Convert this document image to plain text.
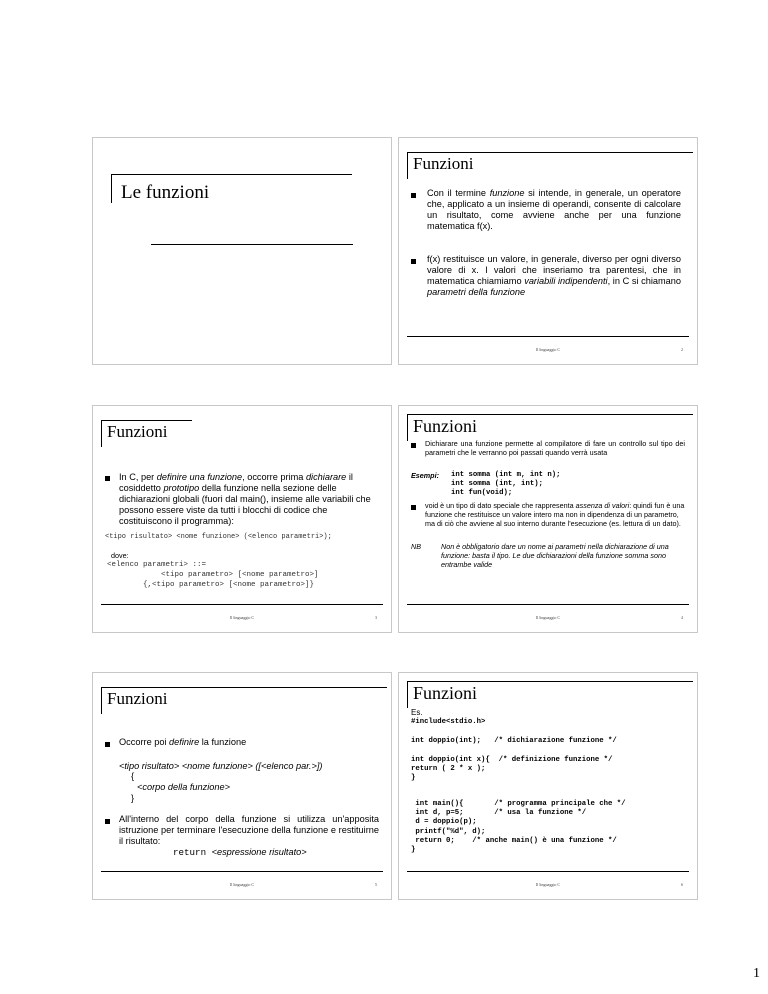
Le funzioni
Funzioni
Con il termine funzione si intende, in generale, un operatore che, applicato a un insieme di operandi, consente di calcolare un risultato, come avviene anche per una funzione matematica f(x).
f(x) restituisce un valore, in generale, diverso per ogni diverso valore di x. I valori che inseriamo tra parentesi, che in matematica chiamiamo variabili indipendenti, in C si chiamano parametri della funzione
Il linguaggio C	2
Funzioni
In C, per definire una funzione, occorre prima dichiarare il cosiddetto prototipo della funzione nella sezione delle dichiarazioni globali (fuori dal main(), insieme alle variabili che possono essere viste da tutti i blocchi di codice che costituiscono il programma):
<tipo risultato> <nome funzione> (<elenco parametri>);
dove:
<elenco parametri> ::=
<tipo parametro> [<nome parametro>]
{,<tipo parametro> [<nome parametro>]}
Il linguaggio C	3
Funzioni
Dichiarare una funzione permette al compilatore di fare un controllo sul tipo dei parametri che le verranno poi passati quando verrà usata
Esempi: int somma (int m, int n);
int somma (int, int);
int fun(void);
void è un tipo di dato speciale che rappresenta assenza di valori: quindi fun è una funzione che restituisce un valore intero ma non in dipendenza di un parametro, ma di ciò che avviene al suo interno durante l'esecuzione (es. lettura di un dato).
NB	Non è obbligatorio dare un nome ai parametri nella dichiarazione di una funzione: basta il tipo. Le due dichiarazioni della funzione somma sono entrambe valide
Il linguaggio C	4
Funzioni
Occorre poi definire la funzione
<tipo risultato> <nome funzione> ([<elenco par.>])
{
<corpo della funzione>
}
All'interno del corpo della funzione si utilizza un'apposita istruzione per terminare l'esecuzione della funzione e restituirne il risultato:
return <espressione risultato>
Il linguaggio C	5
Funzioni
Es.
#include<stdio.h>
int doppio(int);   /* dichiarazione funzione */
int doppio(int x){  /* definizione funzione */
return ( 2 * x );
}
int main(){       /* programma principale che */
int d, p=5;       /* usa la funzione */
d = doppio(p);
printf("%d", d);
return 0;    /* anche main() è una funzione */
}
Il linguaggio C	6
1
